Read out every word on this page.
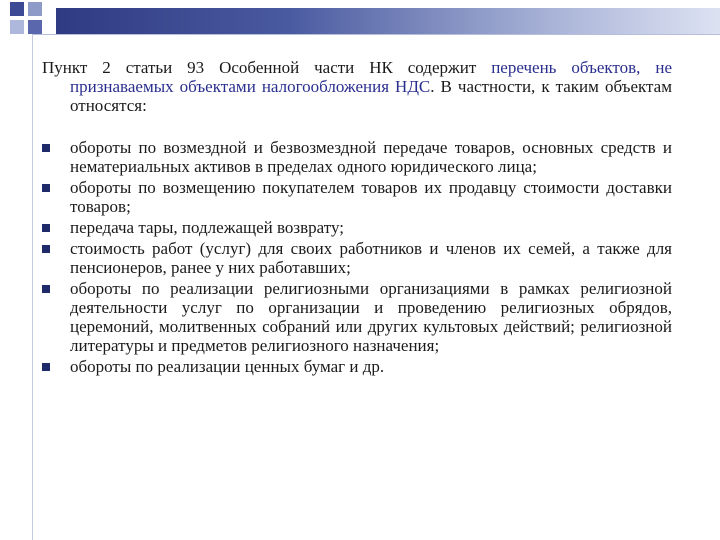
Пункт 2 статьи 93 Особенной части НК содержит перечень объектов, не признаваемых объектами налогообложения НДС. В частности, к таким объектам относятся:

обороты по возмездной и безвозмездной передаче товаров, основных средств и нематериальных активов в пределах одного юридического лица;
обороты по возмещению покупателем товаров их продавцу стоимости доставки товаров;
передача тары, подлежащей возврату;
стоимость работ (услуг) для своих работников и членов их семей, а также для пенсионеров, ранее у них работавших;
обороты по реализации религиозными организациями в рамках религиозной деятельности услуг по организации и проведению религиозных обрядов, церемоний, молитвенных собраний или других культовых действий; религиозной литературы и предметов религиозного назначения;
обороты по реализации ценных бумаг и др.
